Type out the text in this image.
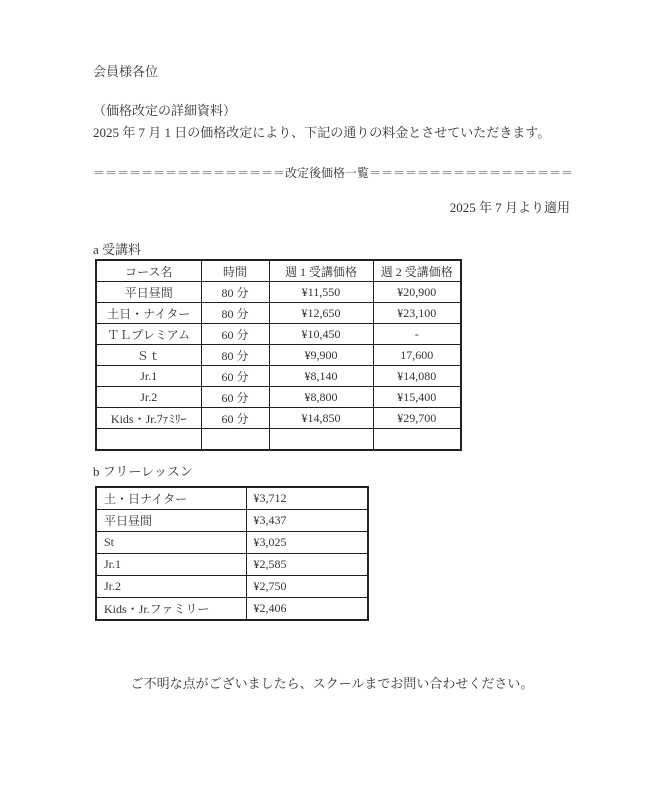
会員様各位
（価格改定の詳細資料）
2025 年 7 月 1 日の価格改定により、下記の通りの料金とさせていただきます。
＝＝＝＝＝＝＝＝＝＝＝＝＝＝＝＝改定後価格一覧＝＝＝＝＝＝＝＝＝＝＝＝＝＝＝＝＝
2025 年 7 月より適用
a 受講料
コース名	時間	週 1 受講価格	週 2 受講価格
平日昼間	80 分	¥11,550	¥20,900
土日・ナイター	80 分	¥12,650	¥23,100
ＴＬプレミアム	60 分	¥10,450	-
Ｓｔ	80 分	¥9,900	17,600
Jr.1	60 分	¥8,140	¥14,080
Jr.2	60 分	¥8,800	¥15,400
Kids・Jr.ﾌｧﾐﾘｰ	60 分	¥14,850	¥29,700

b フリーレッスン
土・日ナイター	¥3,712
平日昼間	¥3,437
St	¥3,025
Jr.1	¥2,585
Jr.2	¥2,750
Kids・Jr.ファミリー	¥2,406
ご不明な点がございましたら、スクールまでお問い合わせください。
